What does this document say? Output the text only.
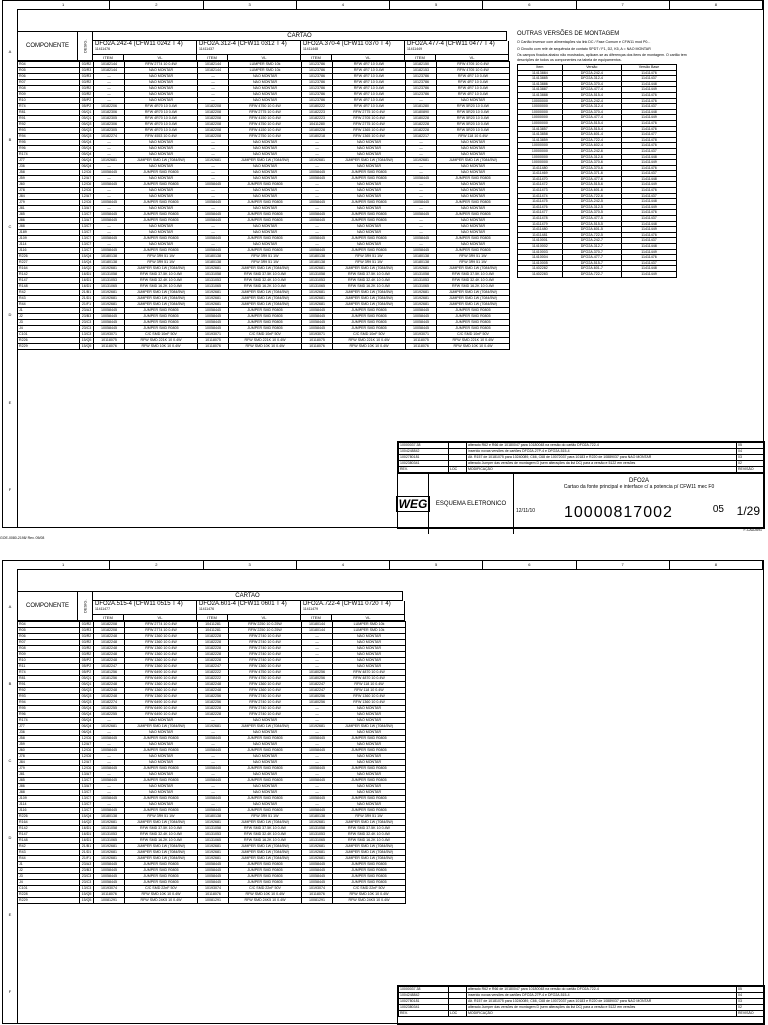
1	2	3	4	5	6	7	8
A
B
C
D
E
F
COMPONENTE	DESIG.
CARTAO
DFO2A.242-4 (CFW11 0242 T 4)
11411476
ITEM	VL
DFO2A.312-4 (CFW11 0312 T 4)
11411437
ITEM	VL
DFO2A.370-4 (CFW11 0370 T 4)
11411448
ITEM	VL
DFO2A.477-4 (CFW11 0477 T 4)
11411449
ITEM	VL
R04	03/R2	10182144	RFW 2774 10 0.4W	10182144	LUMPER SMD 10k	10123786	RFW 4R7 10 0.4W	10182150	RFW 4705 10 0.4W
R05	03/R3	10182144	NAO MONTAR	10182144	LUMPER SMD 10k	10123786	RFW 4R7 10 0.4W	10182153	RFW 4705 10 0.4W
R06	03/R3	—	NAO MONTAR	—	NAO MONTAR	10123786	RFW 4R7 10 0.4W	10123786	RFW 4R7 10 0.4W
R07	03/R2	—	NAO MONTAR	—	NAO MONTAR	10123786	RFW 4R7 10 0.4W	10123786	RFW 4R7 10 0.4W
R08	03/R2	—	NAO MONTAR	—	NAO MONTAR	10123786	RFW 4R7 10 0.4W	10123786	RFW 4R7 10 0.4W
R09	03/R2	—	NAO MONTAR	—	NAO MONTAR	10123786	RFW 4R7 10 0.4W	10123786	RFW 4R7 10 0.4W
R10	05/P2	—	NAO MONTAR	—	NAO MONTAR	10123786	RFW 4R7 10 0.4W	—	NAO MONTAR
R74	05/P2	10182206	RFW 4R70 10 0.4W	10182208	RFW 4750 10 0.4W	10180222	RFW 4R7 10 0.4W	10181280	RFW 5R20 10 0.4W
R81	05/Q1	10182306	RFW 4R70 10 0.4W	10182208	RFW 2775 10 0.4W	10182223	RFW 2775 10 0.4W	10180890	RFW 5R20 10 0.4W
R91	05/Q1	10182305	RFW 4R70 10 0.4W	10182208	RFW 4150 10 0.4W	10182223	RFW 2705 10 0.4W	10180228	RFW 5R20 10 0.4W
R92	05/Q3	10182306	RFW 4R70 10 0.4W	10182208	RFW 4750 10 0.4W	10411280	RFW 2775 10 0.4W	10182228	RFW 5R20 10 0.4W
R93	05/Q3	10182305	RFW 4R70 10 0.4W	10182208	RFW 4150 10 0.4W	10180228	RFW 1365 10 0.4W	10182228	RFW 5R20 10 0.4W
R94	05/Q3	10182274	RFW 4553 10 0.4W	10182208	RFW 2750 10 0.4W	10180218	RFW 1365 10 0.4W	10182217	RFW 118 10 0.4W
R95	05/Q4	—	NAO MONTAR	—	NAO MONTAR	—	NAO MONTAR	—	NAO MONTAR
R96	05/Q4	—	NAO MONTAR	—	NAO MONTAR	—	NAO MONTAR	—	NAO MONTAR
R174	05/Q4	—	NAO MONTAR	—	NAO MONTAR	—	NAO MONTAR	—	NAO MONTAR
J77	06/Q4	10192681	JUMPER SMD 1W (7084/5W)	10192681	JUMPER SMD 1W (7084/5W)	10192681	JUMPER SMD 1W (7084/5W)	10192681	JUMPER SMD 1W (7084/5W)
J36	06/Q4	—	NAO MONTAR	—	NAO MONTAR	—	NAO MONTAR	—	NAO MONTAR
J58	12/C6	10058445	JUMPER SMD R0805	—	NAO MONTAR	10058445	JUMPER SMD R0805	—	NAO MONTAR
J59	12/A7	—	NAO MONTAR	—	NAO MONTAR	10058445	JUMPER SMD R0805	10058445	JUMPER SMD R0805
J60	12/C6	10058445	JUMPER SMD R0805	10058445	JUMPER SMD R0805	—	NAO MONTAR	—	NAO MONTAR
J78	12/C6	—	NAO MONTAR	—	NAO MONTAR	—	NAO MONTAR	—	NAO MONTAR
J84	12/A7	—	NAO MONTAR	—	NAO MONTAR	—	NAO MONTAR	—	NAO MONTAR
J79	12/C6	10058445	JUMPER SMD R0805	10058445	JUMPER SMD R0805	10058445	JUMPER SMD R0805	10058445	JUMPER SMD R0805
J81	13/A7	—	NAO MONTAR	—	NAO MONTAR	—	NAO MONTAR	—	NAO MONTAR
J85	13/C7	10058445	JUMPER SMD R0805	10058445	JUMPER SMD R0805	10058445	JUMPER SMD R0805	10058445	JUMPER SMD R0805
J86	13/A7	10058445	JUMPER SMD R0805	10058445	JUMPER SMD R0805	10058445	JUMPER SMD R0805	—	NAO MONTAR
J88	13/C7	—	NAO MONTAR	—	NAO MONTAR	—	NAO MONTAR	—	NAO MONTAR
J189	13/C7	—	NAO MONTAR	—	NAO MONTAR	—	NAO MONTAR	—	NAO MONTAR
J109	13/C7	10058445	JUMPER SMD R0805	10058445	JUMPER SMD R0805	10058445	JUMPER SMD R0805	10058445	JUMPER SMD R0805
J114	13/C7	—	NAO MONTAR	—	NAO MONTAR	—	NAO MONTAR	—	NAO MONTAR
J116	13/C7	10058445	JUMPER SMD R0805	10058445	JUMPER SMD R0805	10058445	JUMPER SMD R0805	10058445	JUMPER SMD R0805
R226	15/Q4	10180138	RFW 3R9 51 1W	10180138	RFW 3R9 51 1W	10180138	RFW 3R9 51 1W	10180138	RFW 3R9 51 1W
R227	15/Q4	10180138	RFW 3R9 51 1W	10180138	RFW 3R9 51 1W	10180138	RFW 3R9 51 1W	10180138	RFW 3R9 51 1W
R164	16/Q2	10192681	JUMPER SMD 1W (7084/5W)	10192681	JUMPER SMD 1W (7084/5W)	10192681	JUMPER SMD 1W (7084/5W)	10192681	JUMPER SMD 1W (7084/5W)
R142	16/D1	10131058	RFW SMD 37.5K 10 0.4W	10131058	RFW SMD 37.5K 10 0.4W	10131058	RFW SMD 37.5K 10 0.4W	10131058	RFW SMD 37.5K 10 0.4W
R147	16/D1	10131053	RFW SMD 32.4K 10 0.4W	10131053	RFW SMD 32.4K 10 0.4W	10131053	RFW SMD 32.4K 10 0.4W	10131053	RFW SMD 32.4K 10 0.4W
R148	16/D1	10131065	RFW SMD 16.2K 10 0.4W	10131065	RFW SMD 16.2K 10 0.4W	10131065	RFW SMD 16.2K 10 0.4W	10131065	RFW SMD 16.2K 10 0.4W
R42	21/B1	10192681	JUMPER SMD 1W (7084/5W)	10192681	JUMPER SMD 1W (7084/5W)	10192681	JUMPER SMD 1W (7084/5W)	10192681	JUMPER SMD 1W (7084/5W)
R43	21/D1	10192681	JUMPER SMD 1W (7084/5W)	10192681	JUMPER SMD 1W (7084/5W)	10192681	JUMPER SMD 1W (7084/5W)	10192681	JUMPER SMD 1W (7084/5W)
R44	21/F1	10192681	JUMPER SMD 1W (7084/5W)	10192681	JUMPER SMD 1W (7084/5W)	10192681	JUMPER SMD 1W (7084/5W)	10192681	JUMPER SMD 1W (7084/5W)
J1	23/A3	10058445	JUMPER SMD R0805	10058445	JUMPER SMD R0805	10058445	JUMPER SMD R0805	10058445	JUMPER SMD R0805
J2	23/B3	10058445	JUMPER SMD R0805	10058445	JUMPER SMD R0805	10058445	JUMPER SMD R0805	10058445	JUMPER SMD R0805
J3	23/C3	10058445	JUMPER SMD R0805	10058445	JUMPER SMD R0805	10058445	JUMPER SMD R0805	10058445	JUMPER SMD R0805
J4	23/C3	10058445	JUMPER SMD R0805	10058445	JUMPER SMD R0805	10058445	JUMPER SMD R0805	10058445	JUMPER SMD R0805
C101	13/C3	10193071	C/C SMD 10nF 50V	10193071	C/C SMD 10nF 50V	10193071	C/C SMD 10nF 50V	10193071	C/C SMD 10nF 50V
R226	15/Q5	10118075	RFW SMD 221K 10 0.4W	10118075	RFW SMD 221K 10 0.4W	10118075	RFW SMD 221K 10 0.4W	10118075	RFW SMD 221K 10 0.4W
R229	15/Q5	10118076	RFW SMD 10K 10 0.4W	10118076	RFW SMD 10K 10 0.4W	10118076	RFW SMD 10K 10 0.4W	10118076	RFW SMD 10K 10 0.4W
OUTRAS VERSÕES DE MONTAGEM

O Cartão inversor com alimentações via link DC / Fase Comum e CFW11 mod P0...

O Circuito com relé de sequência de contato SPDT / F1, D2, K5, A = NAO MONTAR

Os campos fixados abaixo não mostrados, aplicam-se as diferenças dos itens de montagem. O cartão tem descrições de todos os componentes na tabela de equipamentos.

Item	Versão	Versão Base
11413884	DFO2A.242-4	11411476
11413885	DFO2A.312-4	11411437
11413886	DFO2A.370-4	11411448
11413887	DFO2A.477-4	11411449
11413888	DFO2A.515-4	11411476
10000000	DFO2A.242-4	11411476
10000000	DFO2A.312-4	11411437
10000000	DFO2A.370-4	11411448
10000000	DFO2A.477-4	11411449
10000000	DFO2A.515-4	11411476
11413857	DFO2A.515-4	11411476
11413858	DFO2A.601-4	11411477
11413859	DFO2A.722-4	11411478
10000000	DFO2A.602-4	11411476
10000000	DFO2A.242-6	11411437
10000000	DFO2A.312-6	11411448
10000000	DFO2A.370-6	11411449
11411480	DFO2A.370-6	11411476
11411469	DFO2A.371-6	11411437
11411470	DFO2A.477-6	11411448
11411472	DFO2A.515-6	11411449
11411473	DFO2A.601-6	11411476
11411474	DFO2A.722-6	11411437
11411475	DFO2A.242-5	11411448
11411476	DFO2A.312-5	11411449
11411477	DFO2A.370-5	11411476
11411478	DFO2A.477-5	11411437
11411479	DFO2A.515-5	11411448
11411480	DFO2A.601-5	11411449
11411481	DFO2A.722-5	11411476
11410001	DFO2A.242-7	11411437
11410002	DFO2A.312-7	11411448
11410003	DFO2A.370-7	11411449
11410004	DFO2A.477-7	11411476
11410005	DFO2A.515-7	11411437
11402282	DFO2A.601-7	11411448
11402283	DFO2A.722-7	11411449
10000037.38		alterado R62 e R66 de 10180047 para 10180048 na versão do cartão DFO2A.722-4	05
1004248842		inserido novas versões de cartões DFO2A.27P-4 e DFO2A.515-4	04
1002780181		Alt. R157 de 10181075 para 10240089, C66, C68 de 10072037 para 10183 e R220 de 10889037 para NAO MONTAR	03
1002380341		alterado Jumper das versões de montagem D (sem alterações da list DC) para a versão e 5122 em versões	02
REV.	LOC	MODIFICAÇÃO	REVISÃO
WEG	ESQUEMA ELETRONICO
DFO2A
Cartao da fonte principal e interface c/ a potencia p/ CFW11 mec F0
12/11/10 10000817002	05 1/29
F-CAD2691
GOE-0080-2198/ Rev. 05/08
1	2	3	4	5	6	7	8
A
B
C
D
E
F
COMPONENTE	DESIG.
CARTAO
DFO2A.515-4 (CFW11 0515 T 4)
11411477
ITEM	VL
DFO2A.601-4 (CFW11 0601 T 4)
11411476
ITEM	VL
DFO2A.722-4 (CFW11 0720 T 4)
11411479
ITEM	VL
R04	03/R2	10182208	RFW 2774 10 0.4W	10411281	RFW 2250 10 0.25W	10180144	LUMPER SMD 10k
R05	03/R3	10182208	RFW 2774 10 0.4W	10411281	RFW 2250 10 0.25W	10180144	LUMPER SMD 10k
R06	03/R2	10182248	RFW 1360 10 0.4W	10182228	RFW 2740 10 0.4W	—	NAO MONTAR
R07	03/R2	10182248	RFW 1360 10 0.4W	10182228	RFW 2740 10 0.4W	—	NAO MONTAR
R08	03/R2	10182248	RFW 1360 10 0.4W	10182228	RFW 2740 10 0.4W	—	NAO MONTAR
R09	03/R2	10182248	RFW 1360 10 0.4W	10182228	RFW 2740 10 0.4W	—	NAO MONTAR
R10	05/P2	10182248	RFW 1360 10 0.4W	10182228	RFW 2740 10 0.4W	—	NAO MONTAR
R11	05/P2	10182247	RFW 1360 10 0.4W	10182247	RFW 1360 10 0.4W	—	NAO MONTAR
R74	05/P2	10181256	RFW 6490 10 0.4W	10182222	RFW 4750 10 0.4W	10180256	RFW 4870 10 0.4W
R81	05/Q1	10181256	RFW 6490 10 0.4W	10182222	RFW 4750 10 0.4W	10180256	RFW 4870 10 0.4W
R91	05/Q1	10182248	RFW 1360 10 0.4W	10182248	RFW 1360 10 0.4W	10182247	RFW 118 10 0.4W
R92	05/Q3	10182248	RFW 1360 10 0.4W	10182248	RFW 1360 10 0.4W	10182247	RFW 118 10 0.4W
R93	05/Q3	10182248	RFW 1360 10 0.4W	10182256	RFW 2740 10 0.4W	10180256	RFW 1360 10 0.4W
R94	05/Q3	10182274	RFW 6490 10 0.4W	10182256	RFW 2740 10 0.4W	10180256	RFW 1360 10 0.4W
R95	05/Q4	10182255	RFW 6490 10 0.4W	10182228	RFW 2740 10 0.4W	—	NAO MONTAR
R96	05/Q4	10182255	RFW 6490 10 0.4W	10182228	RFW 2740 10 0.4W	—	NAO MONTAR
R174	05/Q4	—	NAO MONTAR	—	NAO MONTAR	—	NAO MONTAR
J77	06/Q4	10192681	JUMPER SMD 1W (7084/5W)	10192681	JUMPER SMD 1W (7084/5W)	10192681	JUMPER SMD 1W (7084/5W)
J36	06/Q4	—	NAO MONTAR	—	NAO MONTAR	—	NAO MONTAR
J58	12/C6	10058445	JUMPER SMD R0805	10058445	JUMPER SMD R0805	10058445	JUMPER SMD R0805
J59	12/A7	—	NAO MONTAR	—	NAO MONTAR	—	NAO MONTAR
J60	12/C6	10058445	JUMPER SMD R0805	10058445	JUMPER SMD R0805	10058445	JUMPER SMD R0805
J78	12/C6	—	NAO MONTAR	—	NAO MONTAR	—	NAO MONTAR
J84	12/A7	—	NAO MONTAR	—	NAO MONTAR	—	NAO MONTAR
J79	12/C6	10058445	JUMPER SMD R0805	10058445	JUMPER SMD R0805	10058445	JUMPER SMD R0805
J81	13/A7	—	NAO MONTAR	—	NAO MONTAR	—	NAO MONTAR
J85	13/C7	10058445	JUMPER SMD R0805	10058445	JUMPER SMD R0805	10058445	JUMPER SMD R0805
J86	13/A7	—	NAO MONTAR	—	NAO MONTAR	—	NAO MONTAR
J88	13/C7	—	NAO MONTAR	—	NAO MONTAR	—	NAO MONTAR
J109	13/C7	10058445	JUMPER SMD R0805	10058445	JUMPER SMD R0805	10058445	JUMPER SMD R0805
J114	13/C7	—	NAO MONTAR	—	NAO MONTAR	—	NAO MONTAR
J116	13/C7	10058445	JUMPER SMD R0805	10058445	JUMPER SMD R0805	10058445	JUMPER SMD R0805
R226	15/Q4	10180138	RFW 3R9 51 1W	10180138	RFW 3R9 51 1W	10180138	RFW 3R9 51 1W
R164	16/Q2	10192681	JUMPER SMD 1W (7084/5W)	10192681	JUMPER SMD 1W (7084/5W)	10192681	JUMPER SMD 1W (7084/5W)
R142	16/D1	10131058	RFW SMD 37.5K 10 0.4W	10131058	RFW SMD 37.5K 10 0.4W	10131058	RFW SMD 37.5K 10 0.4W
R147	16/D1	10131053	RFW SMD 32.4K 10 0.4W	10131053	RFW SMD 32.4K 10 0.4W	10131053	RFW SMD 32.4K 10 0.4W
R148	16/D1	10131065	RFW SMD 16.2K 10 0.4W	10131065	RFW SMD 16.2K 10 0.4W	10131065	RFW SMD 16.2K 10 0.4W
R42	21/B1	10192681	JUMPER SMD 1W (7084/5W)	10192681	JUMPER SMD 1W (7084/5W)	10192681	JUMPER SMD 1W (7084/5W)
R43	21/D1	10192681	JUMPER SMD 1W (7084/5W)	10192681	JUMPER SMD 1W (7084/5W)	10192681	JUMPER SMD 1W (7084/5W)
R44	21/F1	10192681	JUMPER SMD 1W (7084/5W)	10192681	JUMPER SMD 1W (7084/5W)	10192681	JUMPER SMD 1W (7084/5W)
J1	23/A3	10058445	JUMPER SMD R0805	10058445	JUMPER SMD R0805	10058445	JUMPER SMD R0805
J2	23/B3	10058445	JUMPER SMD R0805	10058445	JUMPER SMD R0805	10058445	JUMPER SMD R0805
J3	23/C3	10058445	JUMPER SMD R0805	10058445	JUMPER SMD R0805	10058445	JUMPER SMD R0805
J4	23/C3	10058445	JUMPER SMD R0805	10058445	JUMPER SMD R0805	10058445	JUMPER SMD R0805
C101	13/C3	10193074	C/C SMD 22nF 50V	10193074	C/C SMD 22nF 50V	10193074	C/C SMD 22nF 50V
R228	15/Q5	10118076	RFW SMD 10K 10 0.4W	10118076	RFW SMD 10K 10 0.4W	10118076	RFW SMD 10K 10 0.4W
R229	15/Q5	10081291	RFW SMD 24K5 10 0.4W	10081291	RFW SMD 24K5 10 0.4W	10081291	RFW SMD 24K5 10 0.4W
10000037.38		alterado R62 e R66 de 10180047 para 10180048 na versão do cartão DFO2A.722-4	05
1004248842		inserido novas versões de cartões DFO2A.27P-4 e DFO2A.515-4	04
1002780181		Alt. R157 de 10181075 para 10240089, C66, C68 de 10072037 para 10183 e R220 de 10889037 para NAO MONTAR	03
1002380341		alterado Jumper das versões de montagem D (sem alterações da list DC) para a versão e 5122 em versões	02
REV.	LOC	MODIFICAÇÃO	REVISÃO
